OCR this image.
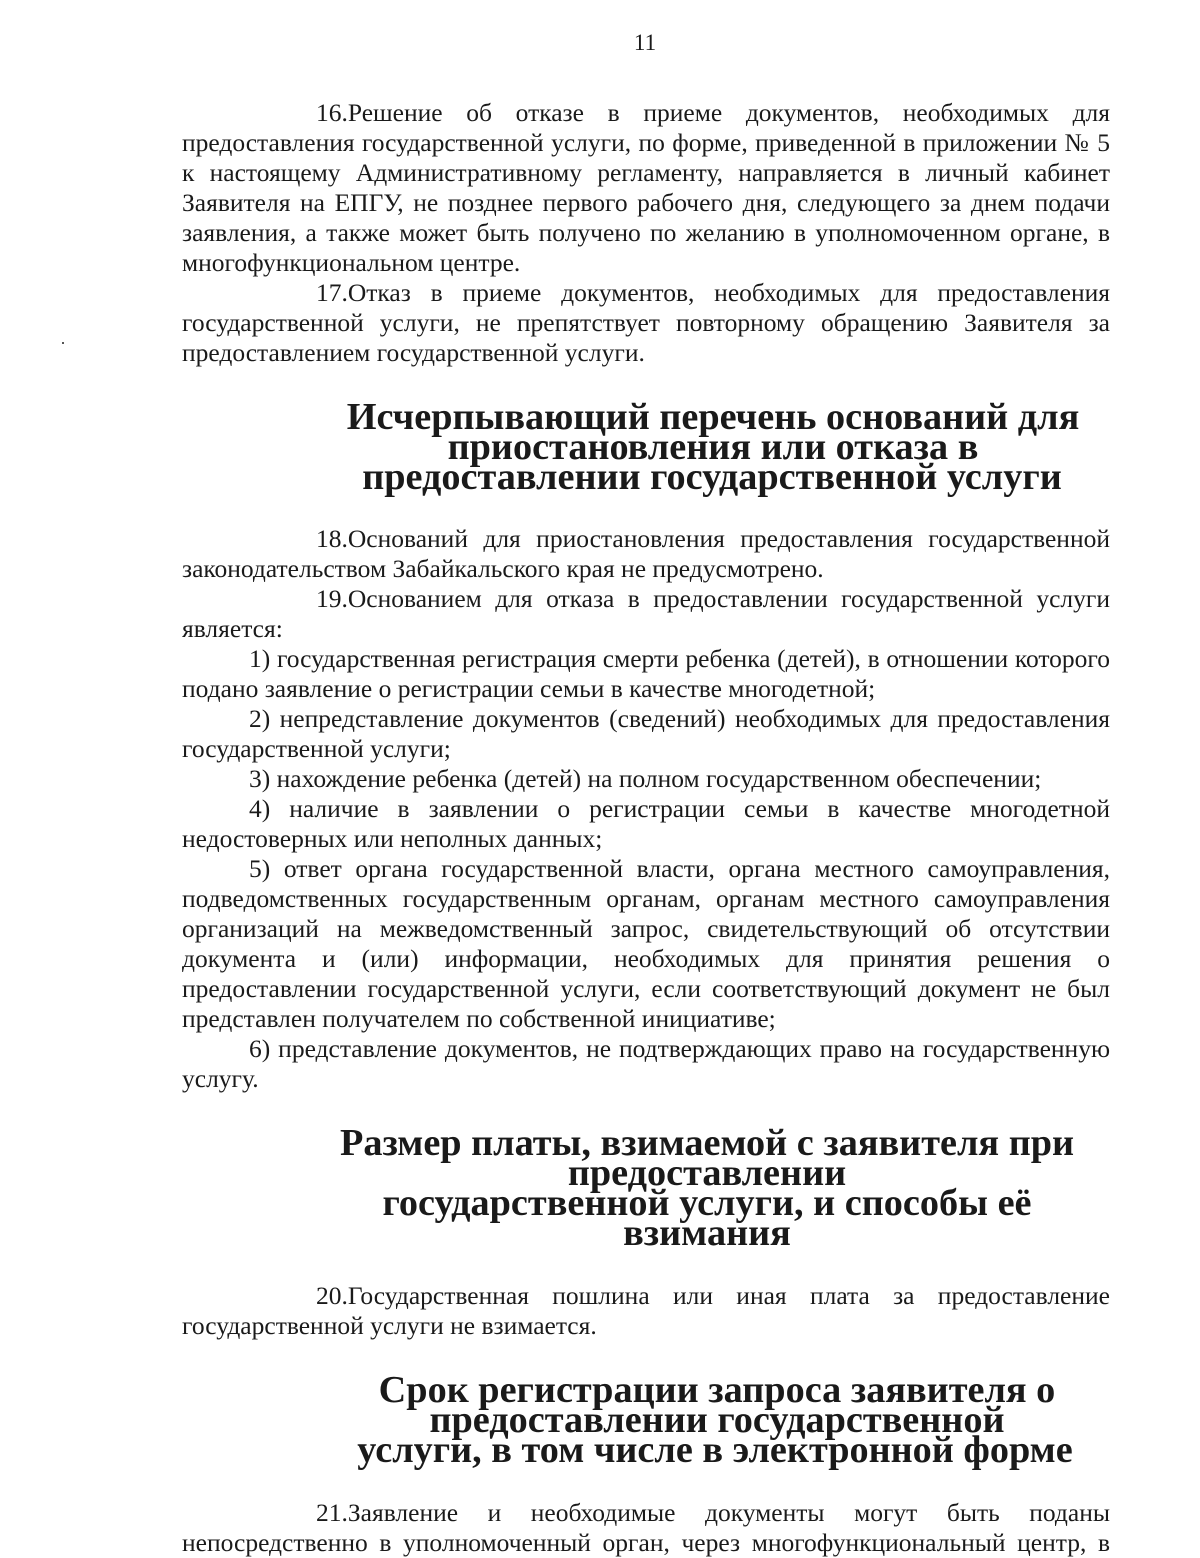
11

16.Решение об отказе в приеме документов, необходимых для предоставления государственной услуги, по форме, приведенной в приложении № 5 к настоящему Административному регламенту, направляется в личный кабинет Заявителя на ЕПГУ, не позднее первого рабочего дня, следующего за днем подачи заявления, а также может быть получено по желанию в уполномоченном органе, в многофункциональном центре.

17.Отказ в приеме документов, необходимых для предоставления государственной услуги, не препятствует повторному обращению Заявителя за предоставлением государственной услуги.

Исчерпывающий перечень оснований для приостановления или отказа в
предоставлении государственной услуги

18.Оснований для приостановления предоставления государственной законодательством Забайкальского края не предусмотрено.

19.Основанием для отказа в предоставлении государственной услуги является:

1) государственная регистрация смерти ребенка (детей), в отношении которого подано заявление о регистрации семьи в качестве многодетной;

2) непредставление документов (сведений) необходимых для предоставления государственной услуги;

3) нахождение ребенка (детей) на полном государственном обеспечении;

4) наличие в заявлении о регистрации семьи в качестве многодетной недостоверных или неполных данных;

5) ответ органа государственной власти, органа местного самоуправления, подведомственных государственным органам, органам местного самоуправления организаций на межведомственный запрос, свидетельствующий об отсутствии документа и (или) информации, необходимых для принятия решения о предоставлении государственной услуги, если соответствующий документ не был представлен получателем по собственной инициативе;

6) представление документов, не подтверждающих право на государственную услугу.

Размер платы, взимаемой с заявителя при предоставлении
государственной услуги, и способы её взимания

20.Государственная пошлина или иная плата за предоставление государственной услуги не взимается.

Срок регистрации запроса заявителя о предоставлении государственной
услуги, в том числе в электронной форме

21.Заявление и необходимые документы могут быть поданы непосредственно в уполномоченный орган, через многофункциональный центр, в
